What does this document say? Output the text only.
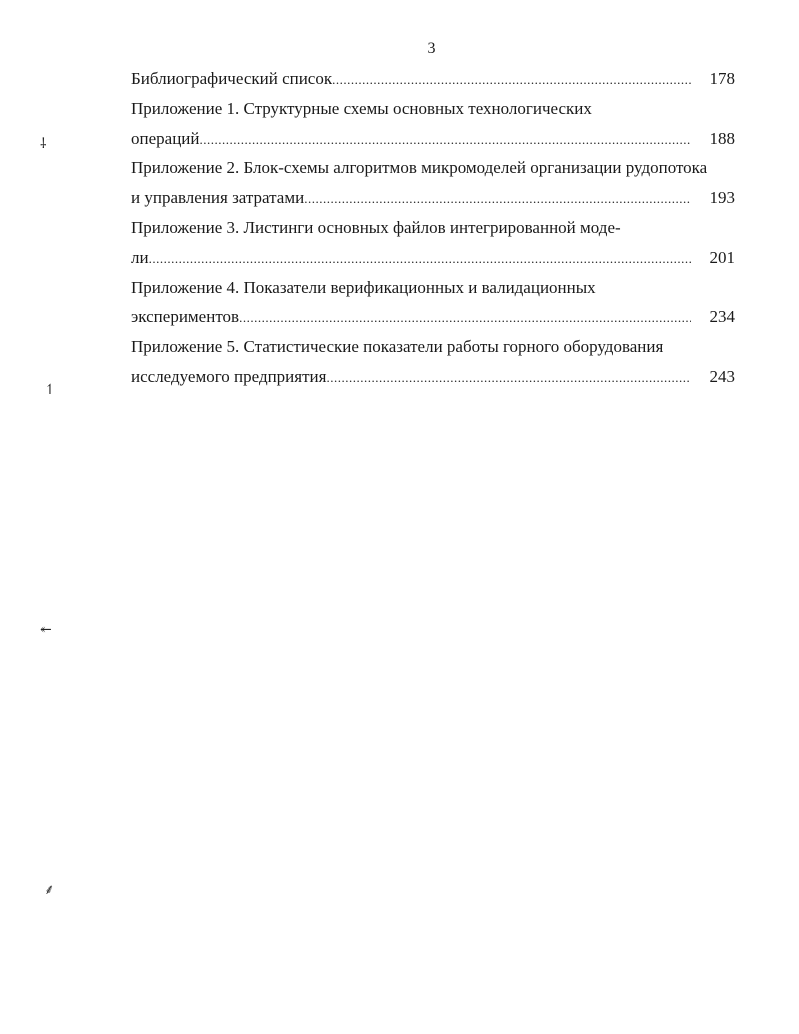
3
Библиографический список .....	178
Приложение 1. Структурные схемы основных технологических
операций .....	188
Приложение 2. Блок-схемы алгоритмов микромоделей организации рудопотока
и управления затратами .....	193
Приложение 3. Листинги основных файлов интегрированной моде-
ли .....	201
Приложение 4. Показатели верификационных и валидационных
экспериментов .....	234
Приложение 5. Статистические показатели работы горного оборудования
исследуемого предприятия .....	243
⸸
↿
↞
⸙
